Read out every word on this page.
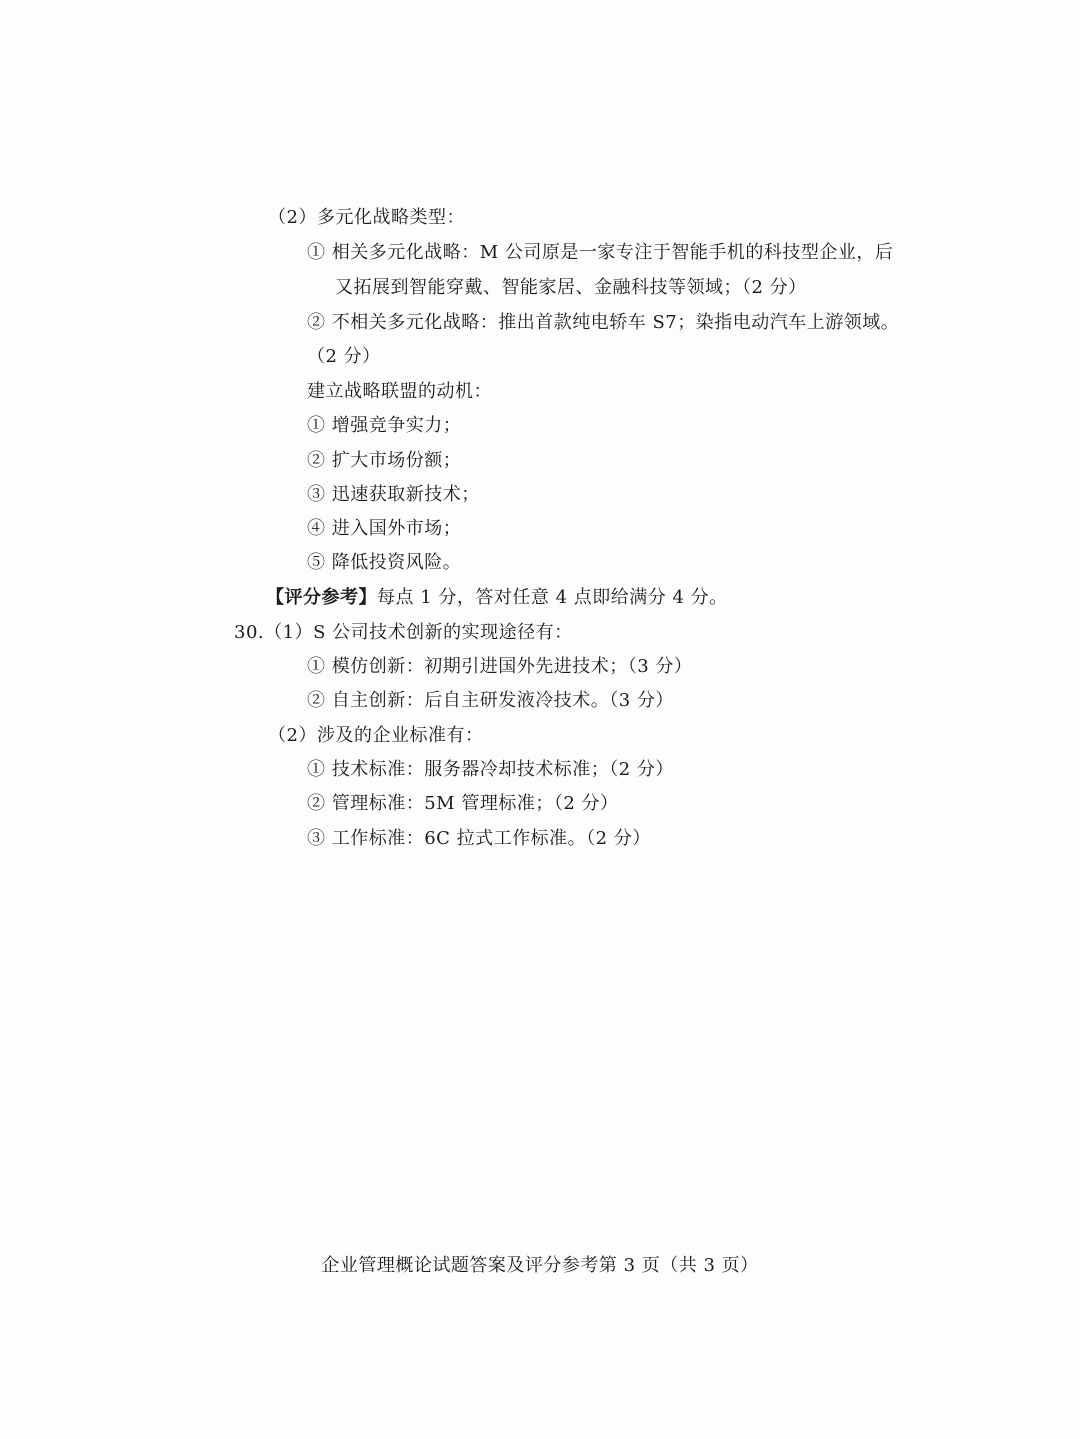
（2）多元化战略类型：
① 相关多元化战略：M 公司原是一家专注于智能手机的科技型企业，后
又拓展到智能穿戴、智能家居、金融科技等领域；（2 分）
② 不相关多元化战略：推出首款纯电轿车 S7；染指电动汽车上游领域。
（2 分）
建立战略联盟的动机：
① 增强竞争实力；
② 扩大市场份额；
③ 迅速获取新技术；
④ 进入国外市场；
⑤ 降低投资风险。
【评分参考】每点 1 分，答对任意 4 点即给满分 4 分。
30.（1）S 公司技术创新的实现途径有：
① 模仿创新：初期引进国外先进技术；（3 分）
② 自主创新：后自主研发液冷技术。（3 分）
（2）涉及的企业标准有：
① 技术标准：服务器冷却技术标准；（2 分）
② 管理标准：5M 管理标准；（2 分）
③ 工作标准：6C 拉式工作标准。（2 分）
企业管理概论试题答案及评分参考第 3 页（共 3 页）
